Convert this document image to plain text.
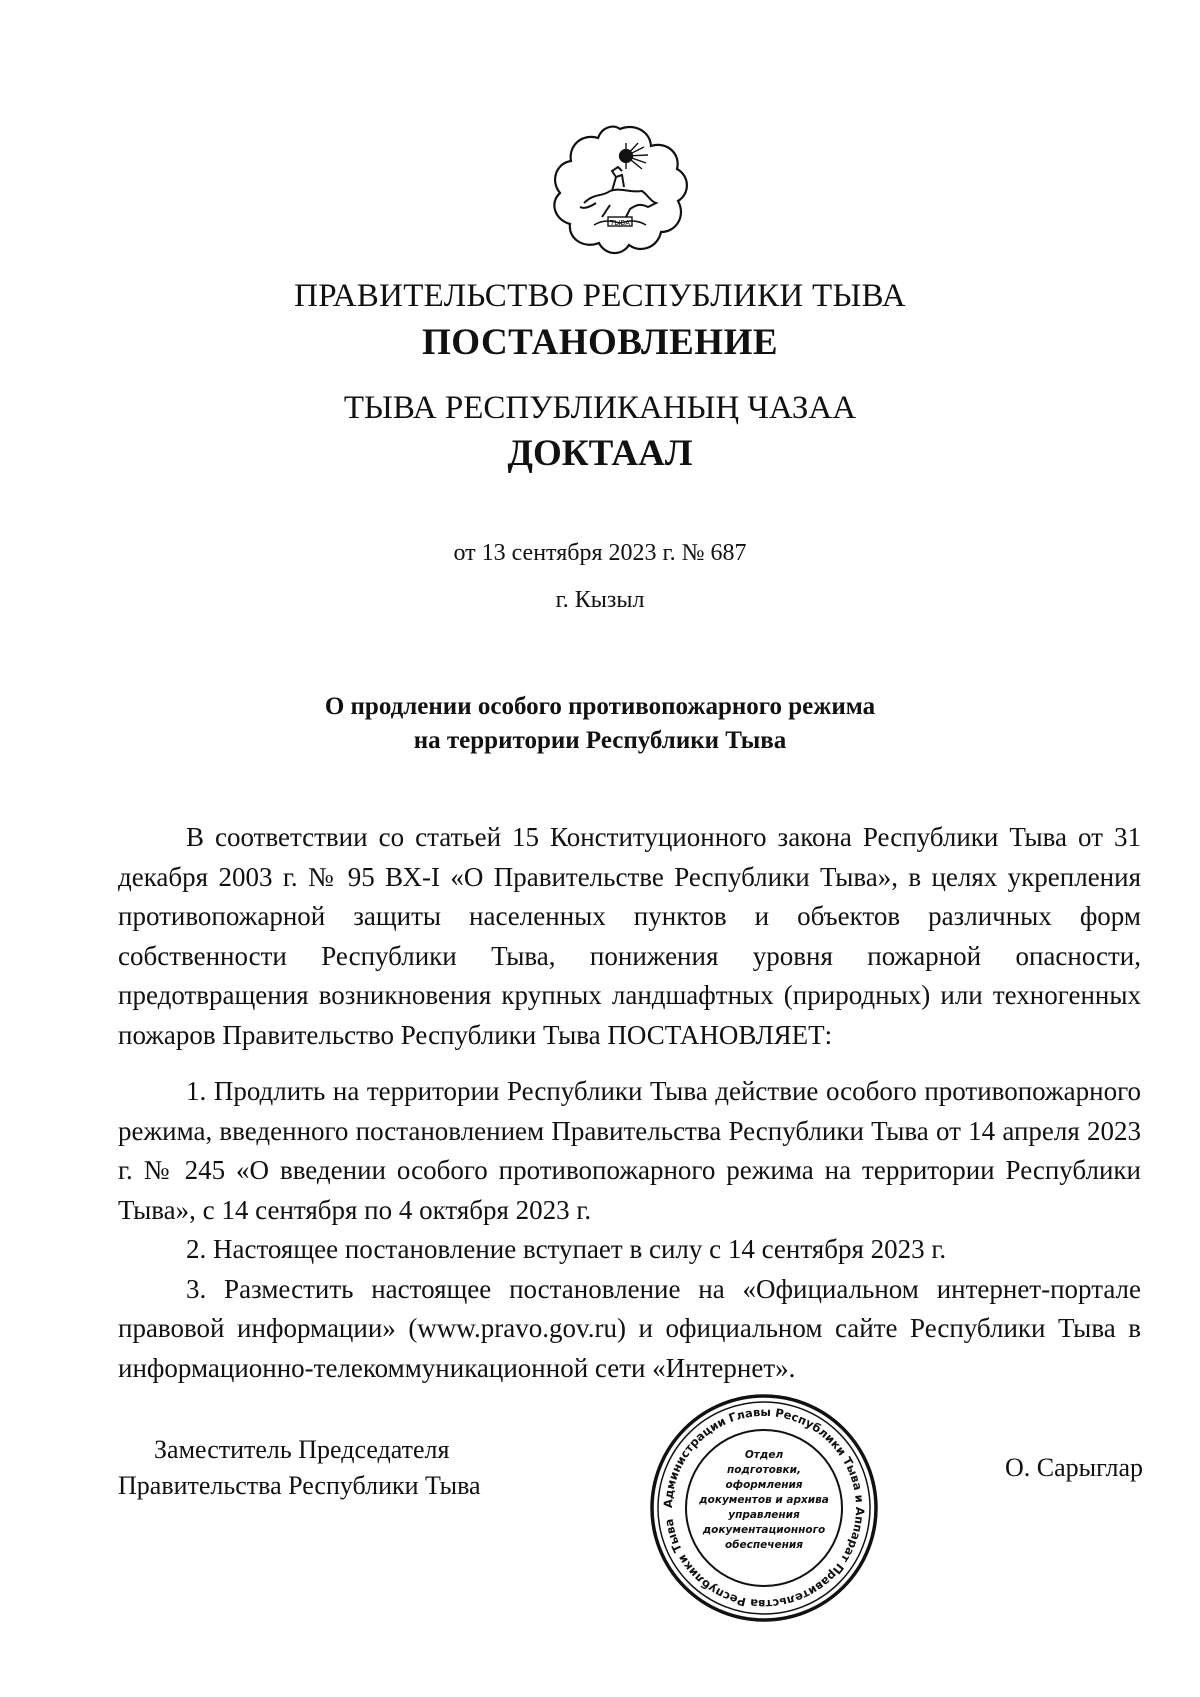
ТЫВА
ПРАВИТЕЛЬСТВО РЕСПУБЛИКИ ТЫВА
ПОСТАНОВЛЕНИЕ
ТЫВА РЕСПУБЛИКАНЫҢ ЧАЗАА
ДОКТААЛ
от 13 сентября 2023 г. № 687
г. Кызыл
О продлении особого противопожарного режима
на территории Республики Тыва

В соответствии со статьей 15 Конституционного закона Республики Тыва от 31 декабря 2003 г. № 95 ВХ-I «О Правительстве Республики Тыва», в целях укрепления противопожарной защиты населенных пунктов и объектов различных форм собственности Республики Тыва, понижения уровня пожарной опасности, предотвращения возникновения крупных ландшафтных (природных) или техногенных пожаров Правительство Республики Тыва ПОСТАНОВЛЯЕТ:

1. Продлить на территории Республики Тыва действие особого противопожарного режима, введенного постановлением Правительства Республики Тыва от 14 апреля 2023 г. № 245 «О введении особого противопожарного режима на территории Республики Тыва», с 14 сентября по 4 октября 2023 г.

2. Настоящее постановление вступает в силу с 14 сентября 2023 г.

3. Разместить настоящее постановление на «Официальном интернет-портале правовой информации» (www.pravo.gov.ru) и официальном сайте Республики Тыва в информационно-телекоммуникационной сети «Интернет».

Заместитель Председателя
Правительства Республики Тыва
О. Сарыглар
Администрации Главы Республики Тыва и Аппарат Правительства Республики Тыва
Отдел
подготовки,
оформления
документов и архива
управления
документационного
обеспечения
